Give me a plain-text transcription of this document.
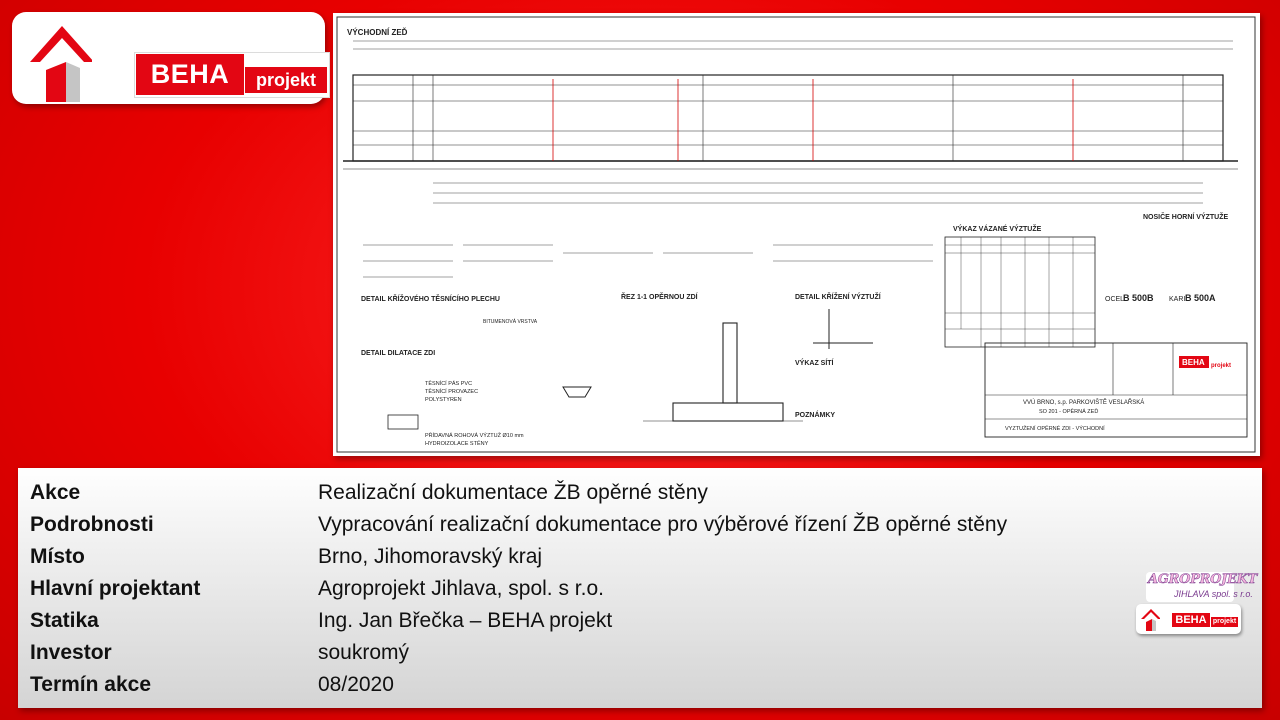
BEHA	projekt
VÝCHODNÍ ZEĎ
DETAIL KŘÍŽOVÉHO TĚSNÍCÍHO PLECHU
BITUMENOVÁ VRSTVA
DETAIL DILATACE ZDI
TĚSNÍCÍ PÁS PVC
TĚSNÍCÍ PROVAZEC
POLYSTYREN
PŘÍDAVNÁ ROHOVÁ VÝZTUŽ Ø10 mm
HYDROIZOLACE STĚNY
ŘEZ 1-1 OPĚRNOU ZDÍ	DETAIL KŘÍŽENÍ VÝZTUŽÍ
VÝKAZ SÍTÍ
POZNÁMKY
VÝKAZ VÁZANÉ VÝZTUŽE
NOSIČE HORNÍ VÝZTUŽE
OCEL
B 500B KARI B 500A
BEHA projekt
VVÚ BRNO, s.p. PARKOVIŠTĚ VESLAŘSKÁ
SO 201 - OPĚRNÁ ZEĎ
VYZTUŽENÍ OPĚRNÉ ZDI - VÝCHODNÍ
Akce	Realizační dokumentace ŽB opěrné stěny
Podrobnosti	Vypracování realizační dokumentace pro výběrové řízení ŽB opěrné stěny
Místo	Brno, Jihomoravský kraj
Hlavní projektant	Agroprojekt Jihlava, spol. s r.o.
Statika	Ing. Jan Břečka – BEHA projekt
Investor	soukromý
Termín akce	08/2020
AGROPROJEKT
JIHLAVA spol. s r.o.
BEHA projekt
